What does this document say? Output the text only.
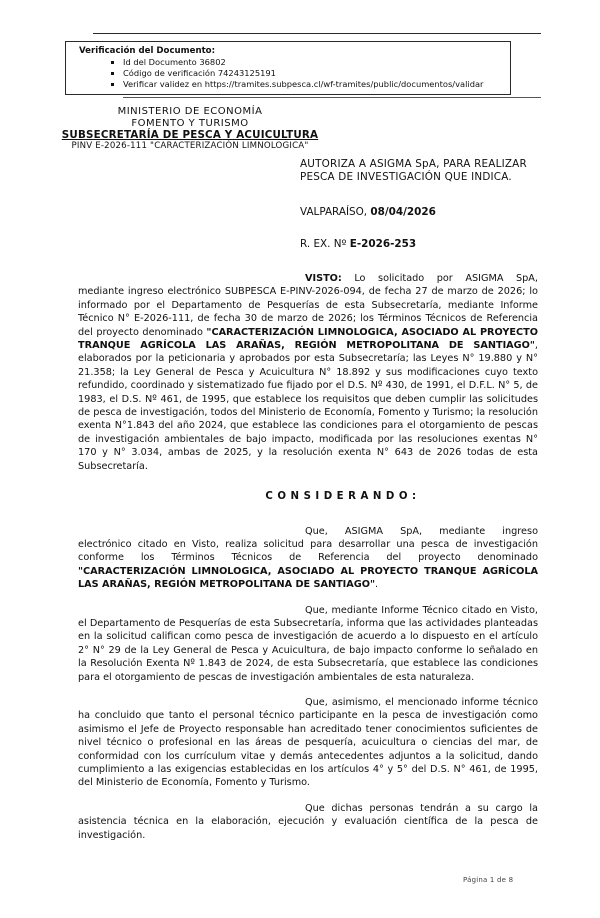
Verificación del Documento:
▪ Id del Documento 36802
▪ Código de verificación 74243125191
▪ Verificar validez en https://tramites.subpesca.cl/wf-tramites/public/documentos/validar
MINISTERIO DE ECONOMÍA
FOMENTO Y TURISMO
SUBSECRETARÍA DE PESCA Y ACUICULTURA
PINV E-2026-111 "CARACTERIZACIÓN LIMNOLOGICA"
AUTORIZA A ASIGMA SpA, PARA REALIZAR
PESCA DE INVESTIGACIÓN QUE INDICA.
VALPARAÍSO, 08/04/2026
R. EX. Nº E-2026-253

VISTO: Lo solicitado por ASIGMA SpA, mediante ingreso electrónico SUBPESCA E-PINV-2026-094, de fecha 27 de marzo de 2026; lo informado por el Departamento de Pesquerías de esta Subsecretaría, mediante Informe Técnico N° E-2026-111, de fecha 30 de marzo de 2026; los Términos Técnicos de Referencia del proyecto denominado "CARACTERIZACIÓN LIMNOLOGICA, ASOCIADO AL PROYECTO TRANQUE AGRÍCOLA LAS ARAÑAS, REGIÓN METROPOLITANA DE SANTIAGO", elaborados por la peticionaria y aprobados por esta Subsecretaría; las Leyes N° 19.880 y N° 21.358; la Ley General de Pesca y Acuicultura N° 18.892 y sus modificaciones cuyo texto refundido, coordinado y sistematizado fue fijado por el D.S. Nº 430, de 1991, el D.F.L. N° 5, de 1983, el D.S. Nº 461, de 1995, que establece los requisitos que deben cumplir las solicitudes de pesca de investigación, todos del Ministerio de Economía, Fomento y Turismo; la resolución exenta N°1.843 del año 2024, que establece las condiciones para el otorgamiento de pescas de investigación ambientales de bajo impacto, modificada por las resoluciones exentas N° 170 y N° 3.034, ambas de 2025, y la resolución exenta N° 643 de 2026 todas de esta Subsecretaría.

CONSIDERANDO:

Que, ASIGMA SpA, mediante ingreso electrónico citado en Visto, realiza solicitud para desarrollar una pesca de investigación conforme los Términos Técnicos de Referencia del proyecto denominado "CARACTERIZACIÓN LIMNOLOGICA, ASOCIADO AL PROYECTO TRANQUE AGRÍCOLA LAS ARAÑAS, REGIÓN METROPOLITANA DE SANTIAGO".

Que, mediante Informe Técnico citado en Visto, el Departamento de Pesquerías de esta Subsecretaría, informa que las actividades planteadas en la solicitud califican como pesca de investigación de acuerdo a lo dispuesto en el artículo 2° N° 29 de la Ley General de Pesca y Acuicultura, de bajo impacto conforme lo señalado en la Resolución Exenta Nº 1.843 de 2024, de esta Subsecretaría, que establece las condiciones para el otorgamiento de pescas de investigación ambientales de esta naturaleza.

Que, asimismo, el mencionado informe técnico ha concluido que tanto el personal técnico participante en la pesca de investigación como asimismo el Jefe de Proyecto responsable han acreditado tener conocimientos suficientes de nivel técnico o profesional en las áreas de pesquería, acuicultura o ciencias del mar, de conformidad con los currículum vitae y demás antecedentes adjuntos a la solicitud, dando cumplimiento a las exigencias establecidas en los artículos 4° y 5° del D.S. N° 461, de 1995, del Ministerio de Economía, Fomento y Turismo.

Que dichas personas tendrán a su cargo la asistencia técnica en la elaboración, ejecución y evaluación científica de la pesca de investigación.

Página 1 de 8
